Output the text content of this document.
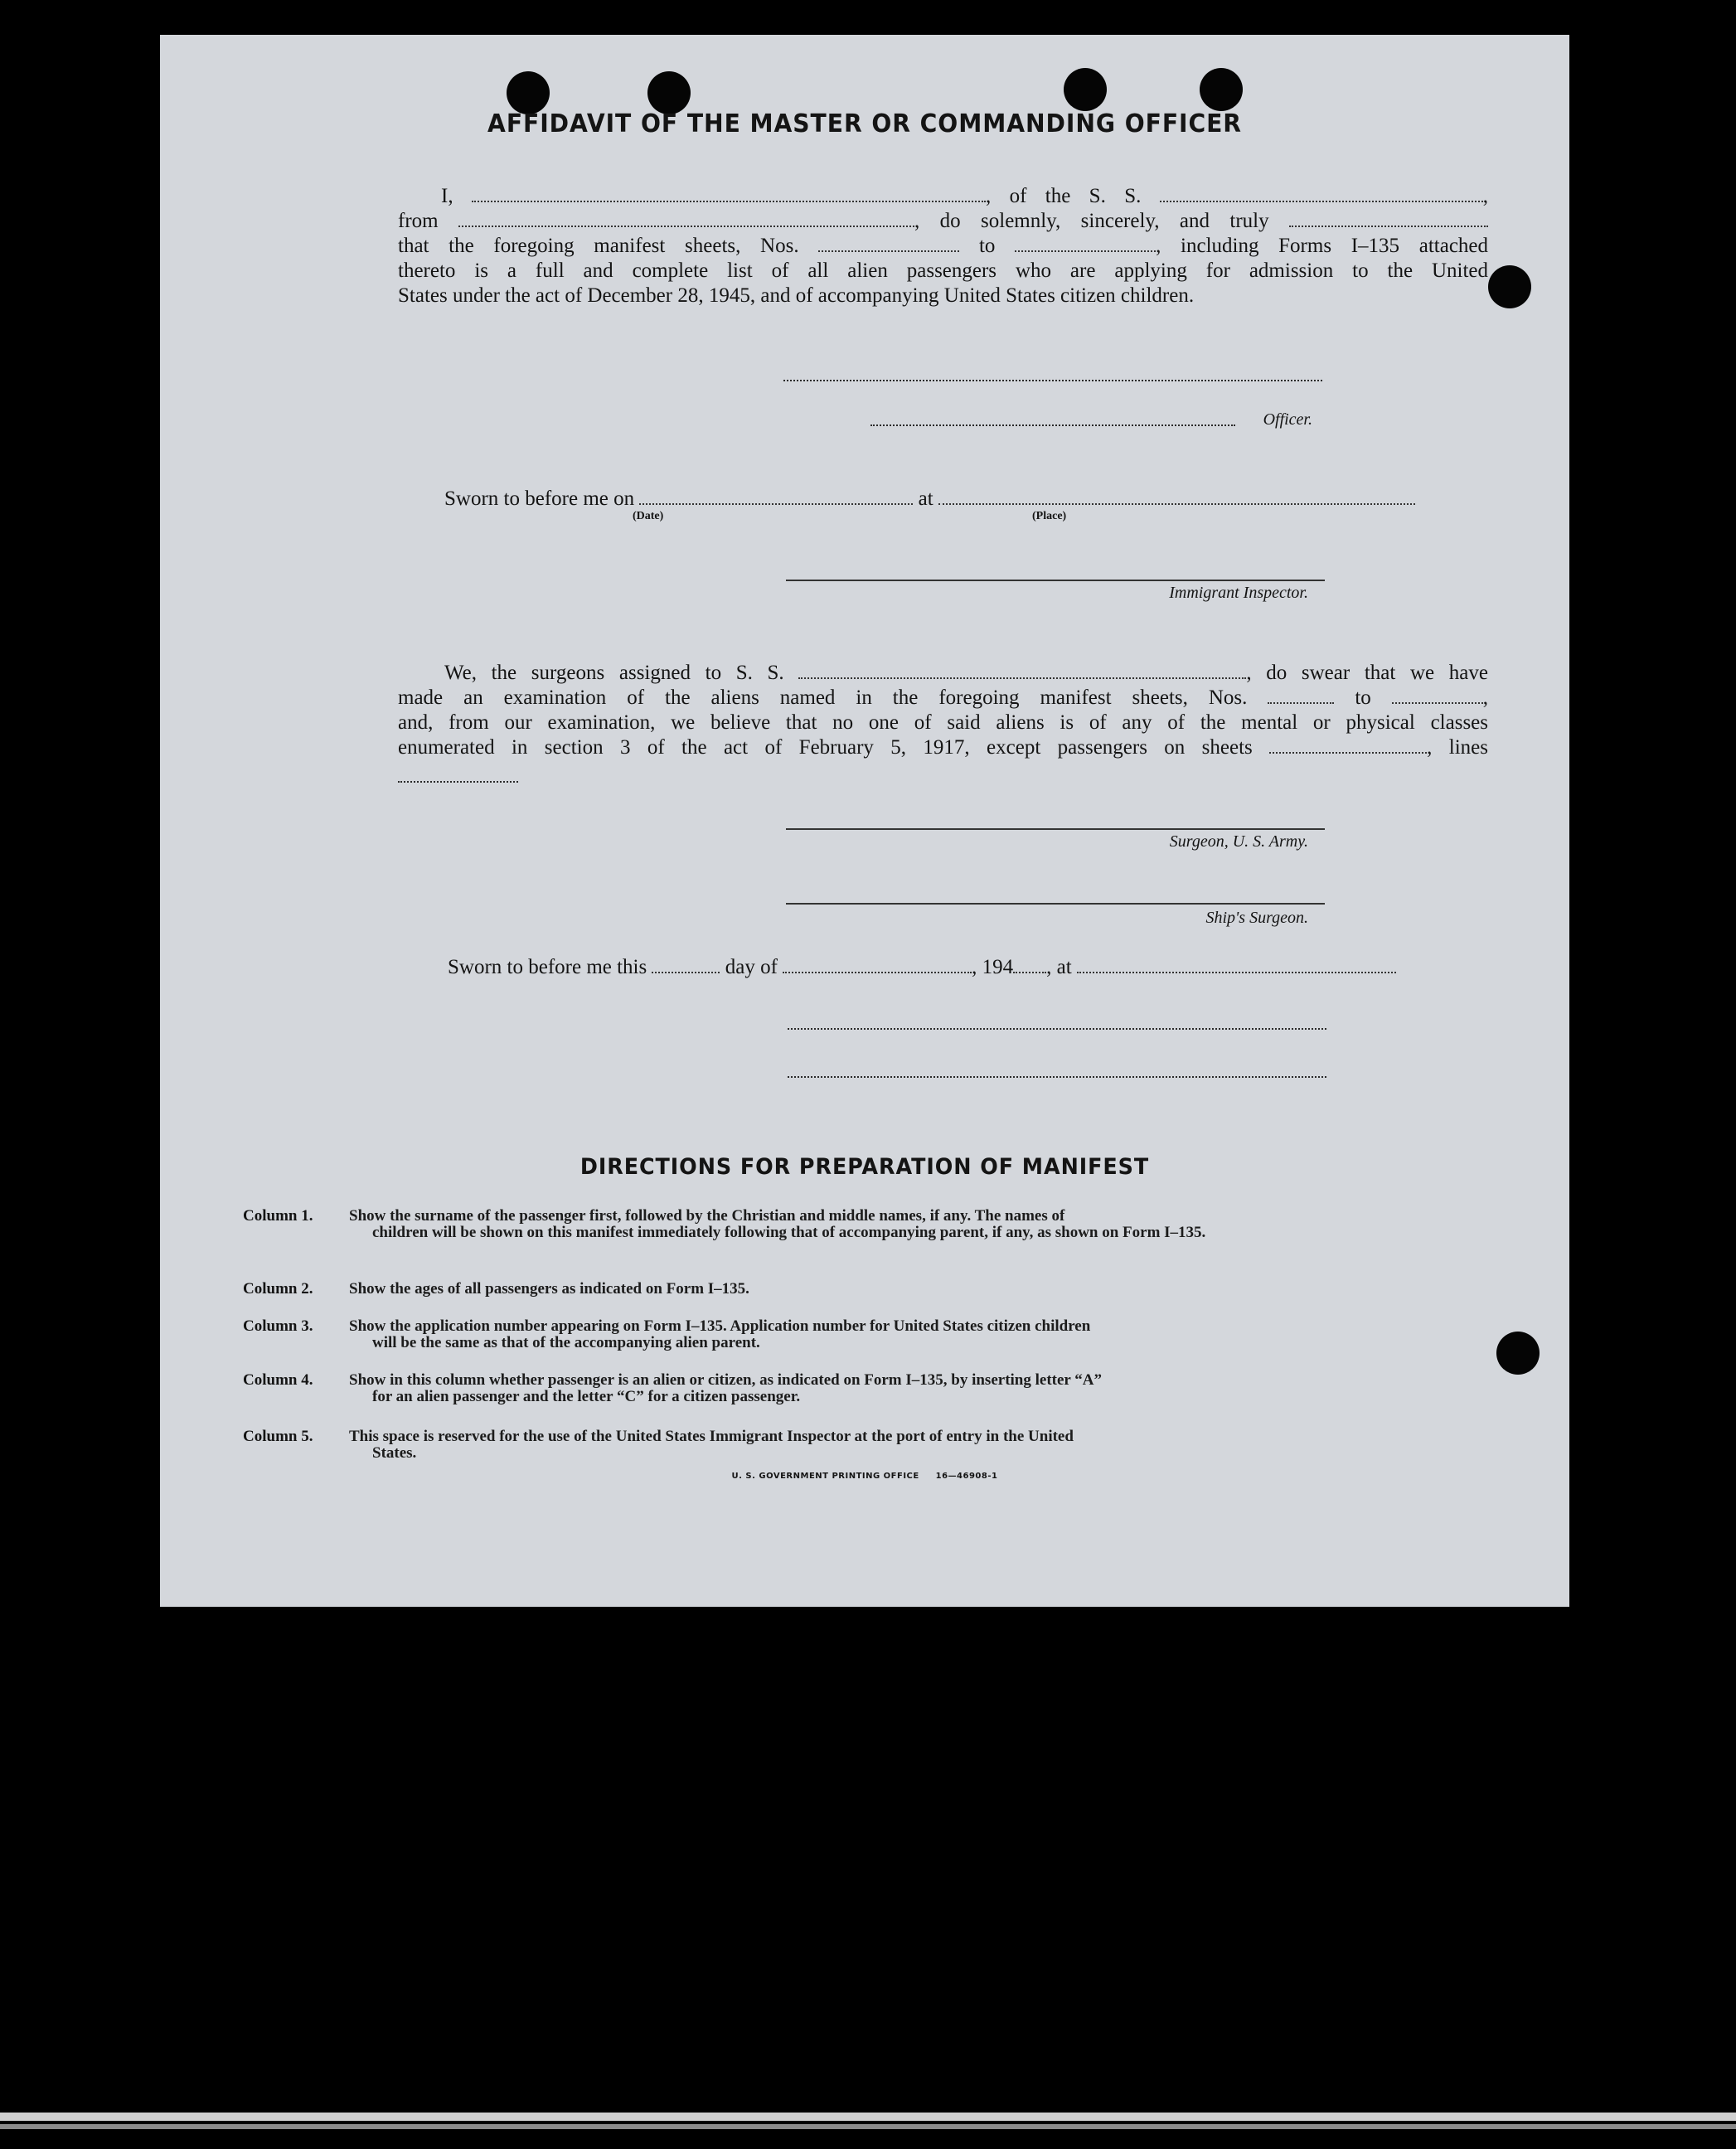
AFFIDAVIT OF THE MASTER OR COMMANDING OFFICER
I,	, of the S. S.	,
from	, do solemnly, sincerely, and truly
that the foregoing manifest sheets, Nos.	to	, including Forms I–135 attached
thereto is a full and complete list of all alien passengers who are applying for admission to the United
States under the act of December 28, 1945, and of accompanying United States citizen children.
Officer.
Sworn to before me on	at
(Date)	(Place)
Immigrant Inspector.
We, the surgeons assigned to S. S.	, do swear that we have
made an examination of the aliens named in the foregoing manifest sheets, Nos.	to	,
and, from our examination, we believe that no one of said aliens is of any of the mental or physical classes
enumerated in section 3 of the act of February 5, 1917, except passengers on sheets	, lines
Surgeon, U. S. Army.
Ship's Surgeon.
Sworn to before me this	day of	, 194 , at
DIRECTIONS FOR PREPARATION OF MANIFEST
Column 1.	Show the surname of the passenger first, followed by the Christian and middle names, if any. The names of
children will be shown on this manifest immediately following that of accompanying parent, if any, as shown on Form I–135.
Column 2.	Show the ages of all passengers as indicated on Form I–135.
Column 3.	Show the application number appearing on Form I–135. Application number for United States citizen children
will be the same as that of the accompanying alien parent.
Column 4.	Show in this column whether passenger is an alien or citizen, as indicated on Form I–135, by inserting letter “A”
for an alien passenger and the letter “C” for a citizen passenger.
Column 5.	This space is reserved for the use of the United States Immigrant Inspector at the port of entry in the United
States.
U. S. GOVERNMENT PRINTING OFFICE     16—46908-1
